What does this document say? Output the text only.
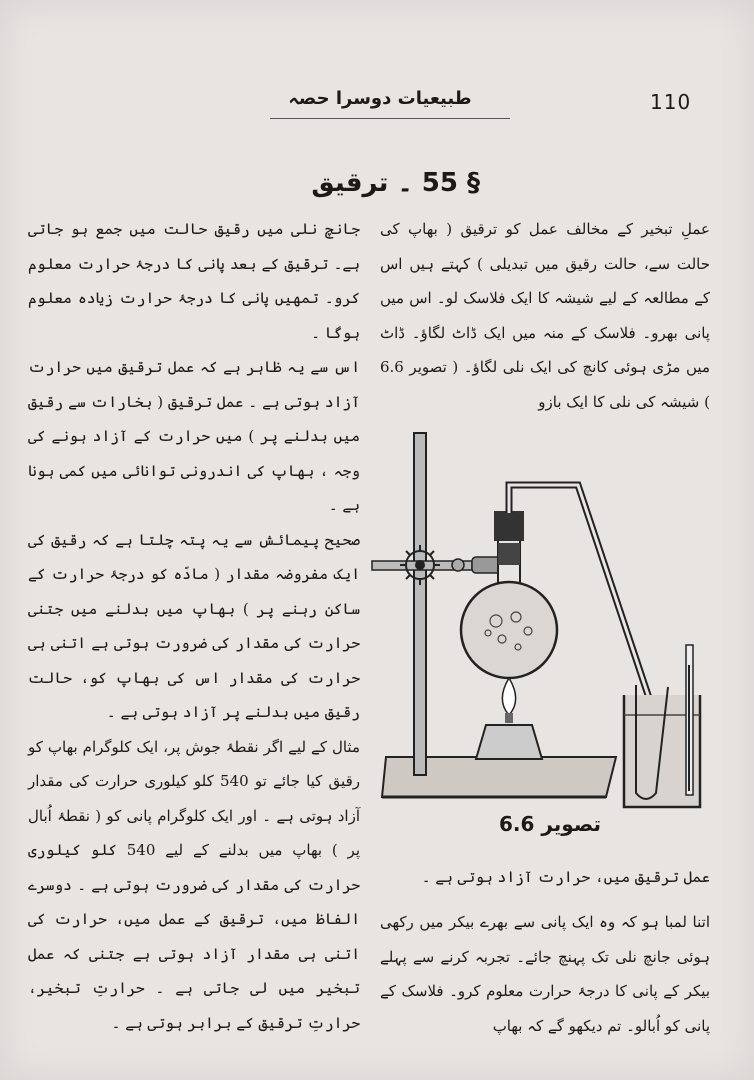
110
طبیعیات دوسرا حصہ
§ 55 ۔ ترقیق

عملِ تبخیر کے مخالف عمل کو ترقیق ( بھاپ کی حالت سے، حالت رقیق میں تبدیلی ) کہتے ہیں اس کے مطالعہ کے لیے شیشہ کا ایک فلاسک لو۔ اس میں پانی بھرو۔ فلاسک کے منہ میں ایک ڈاٹ لگاؤ۔ ڈاٹ میں مڑی ہوئی کانچ کی ایک نلی لگاؤ۔ ( تصویر 6.6 ) شیشہ کی نلی کا ایک بازو

تصویر 6.6
عمل ترقیق میں، حرارت آزاد ہوتی ہے ۔

اتنا لمبا ہو کہ وہ ایک پانی سے بھرے بیکر میں رکھی ہوئی جانچ نلی تک پہنچ جائے۔ تجربہ کرنے سے پہلے بیکر کے پانی کا درجۂ حرارت معلوم کرو۔ فلاسک کے پانی کو اُبالو۔ تم دیکھو گے کہ بھاپ

جانچ نلی میں رقیق حالت میں جمع ہو جاتی ہے۔ ترقیق کے بعد پانی کا درجۂ حرارت معلوم کرو۔ تمھیں پانی کا درجۂ حرارت زیادہ معلوم ہوگا ۔

اس سے یہ ظاہر ہے کہ عمل ترقیق میں حرارت آزاد ہوتی ہے ۔ عمل ترقیق ( بخارات سے رقیق میں بدلنے پر ) میں حرارت کے آزاد ہونے کی وجہ ، بھاپ کی اندرونی توانائی میں کمی ہونا ہے ۔

صحیح پیمائش سے یہ پتہ چلتا ہے کہ رقیق کی ایک مفروضہ مقدار ( مادّہ کو درجۂ حرارت کے ساکن رہنے پر ) بھاپ میں بدلنے میں جتنی حرارت کی مقدار کی ضرورت ہوتی ہے اتنی ہی حرارت کی مقدار اس کی بھاپ کو، حالت رقیق میں بدلنے پر آزاد ہوتی ہے ۔

مثال کے لیے اگر نقطۂ جوش پر، ایک کلوگرام بھاپ کو رقیق کیا جائے تو 540 کلو کیلوری حرارت کی مقدار آزاد ہوتی ہے ۔ اور ایک کلوگرام پانی کو ( نقطۂ اُبال پر ) بھاپ میں بدلنے کے لیے 540 کلو کیلوری حرارت کی مقدار کی ضرورت ہوتی ہے ۔ دوسرے الفاظ میں، ترقیق کے عمل میں، حرارت کی اتنی ہی مقدار آزاد ہوتی ہے جتنی کہ عمل تبخیر میں لی جاتی ہے ۔ حرارتِ تبخیر، حرارتِ ترقیق کے برابر ہوتی ہے ۔
